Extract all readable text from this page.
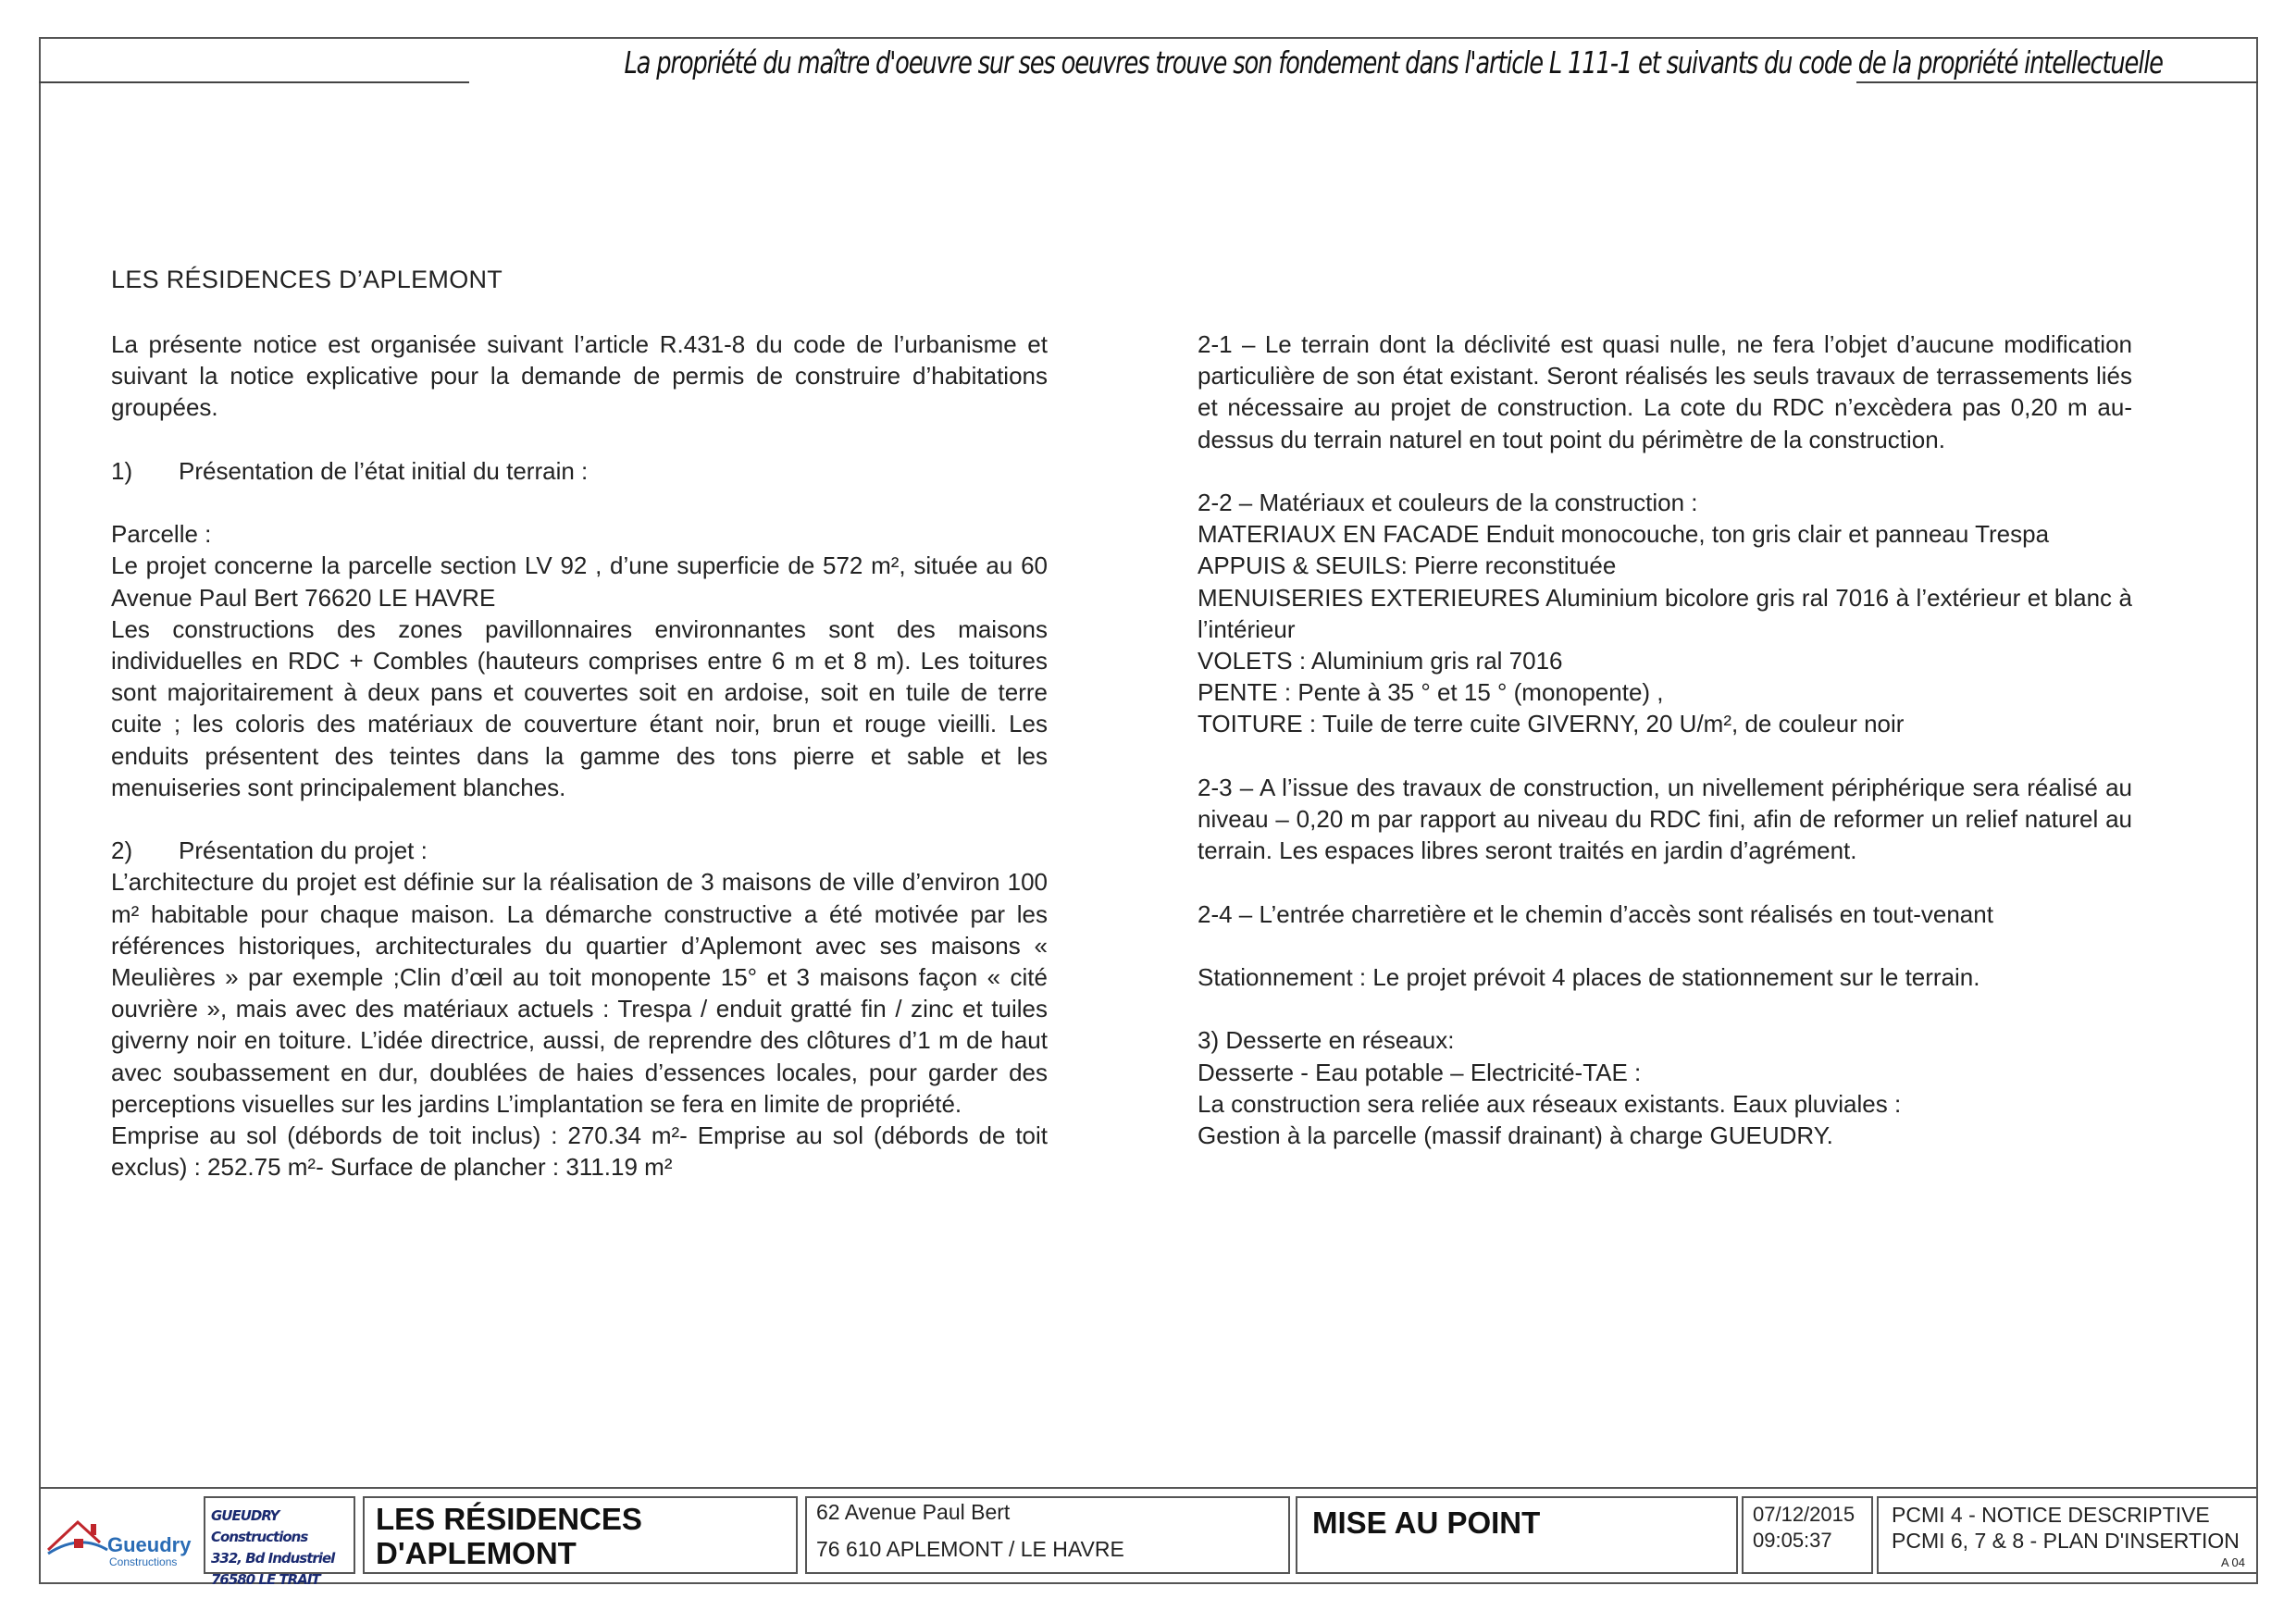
La propriété du maître d'oeuvre sur ses oeuvres trouve son fondement dans l'article L 111-1 et suivants du code de la propriété intellectuelle
LES RÉSIDENCES D’APLEMONT

La présente notice est organisée suivant l’article R.431-8 du code de l’urbanisme et suivant la notice explicative pour la demande de permis de construire d’habitations groupées.

1)	Présentation de l’état initial du terrain :

Parcelle :

Le projet concerne la parcelle section LV 92 , d’une superficie de 572 m², située au 60 Avenue Paul Bert 76620 LE HAVRE

Les constructions des zones pavillonnaires environnantes sont des maisons individuelles en RDC + Combles (hauteurs comprises entre 6 m et 8 m). Les toitures sont majoritairement à deux pans et couvertes soit en ardoise, soit en tuile de terre cuite ; les coloris des matériaux de couverture étant noir, brun et rouge vieilli. Les enduits présentent des teintes dans la gamme des tons pierre et sable et les menuiseries sont principalement blanches.

2)	Présentation du projet :

L’architecture du projet est définie sur la réalisation de 3 maisons de ville d’environ 100 m² habitable pour chaque maison. La démarche constructive a été motivée par les références historiques, architecturales du quartier d’Aplemont avec ses maisons « Meulières » par exemple ;Clin d’œil au toit monopente 15° et 3 maisons façon « cité ouvrière », mais avec des matériaux actuels : Trespa / enduit gratté fin / zinc et tuiles giverny noir en toiture. L’idée directrice, aussi, de reprendre des clôtures d’1 m de haut avec soubassement en dur, doublées de haies d’essences locales, pour garder des perceptions visuelles sur les jardins L’implantation se fera en limite de propriété.

Emprise au sol (débords de toit inclus) : 270.34 m²- Emprise au sol (débords de toit exclus) : 252.75 m²- Surface de plancher : 311.19 m²

2-1 – Le terrain dont la déclivité est quasi nulle, ne fera l’objet d’aucune modification particulière de son état existant. Seront réalisés les seuls travaux de terrassements liés et nécessaire au projet de construction. La cote du RDC n’excèdera pas 0,20 m au-dessus du terrain naturel en tout point du périmètre de la construction.

2-2 – Matériaux et couleurs de la construction :

MATERIAUX EN FACADE Enduit monocouche, ton gris clair et panneau Trespa

APPUIS & SEUILS: Pierre reconstituée

MENUISERIES EXTERIEURES Aluminium bicolore gris ral 7016 à l’extérieur et blanc à l’intérieur

VOLETS : Aluminium gris ral 7016

PENTE : Pente à 35 ° et 15 ° (monopente) ,

TOITURE : Tuile de terre cuite GIVERNY, 20 U/m², de couleur noir

2-3 – A l’issue des travaux de construction, un nivellement périphérique sera réalisé au niveau – 0,20 m par rapport au niveau du RDC fini, afin de reformer un relief naturel au terrain. Les espaces libres seront traités en jardin d’agrément.

2-4 – L’entrée charretière et le chemin d’accès sont réalisés en tout-venant

Stationnement : Le projet prévoit 4 places de stationnement sur le terrain.

3) Desserte en réseaux:

Desserte - Eau potable – Electricité-TAE :

La construction sera reliée aux réseaux existants. Eaux pluviales :

Gestion à la parcelle (massif drainant) à charge GUEUDRY.

Gueudry
Constructions
GUEUDRY Constructions
332, Bd Industriel
76580 LE TRAIT
LES RÉSIDENCES
D'APLEMONT
62 Avenue Paul Bert
76 610 APLEMONT / LE HAVRE
MISE AU POINT	07/12/2015
09:05:37
PCMI 4 - NOTICE DESCRIPTIVE
PCMI 6, 7 & 8 - PLAN D'INSERTION
A 04
